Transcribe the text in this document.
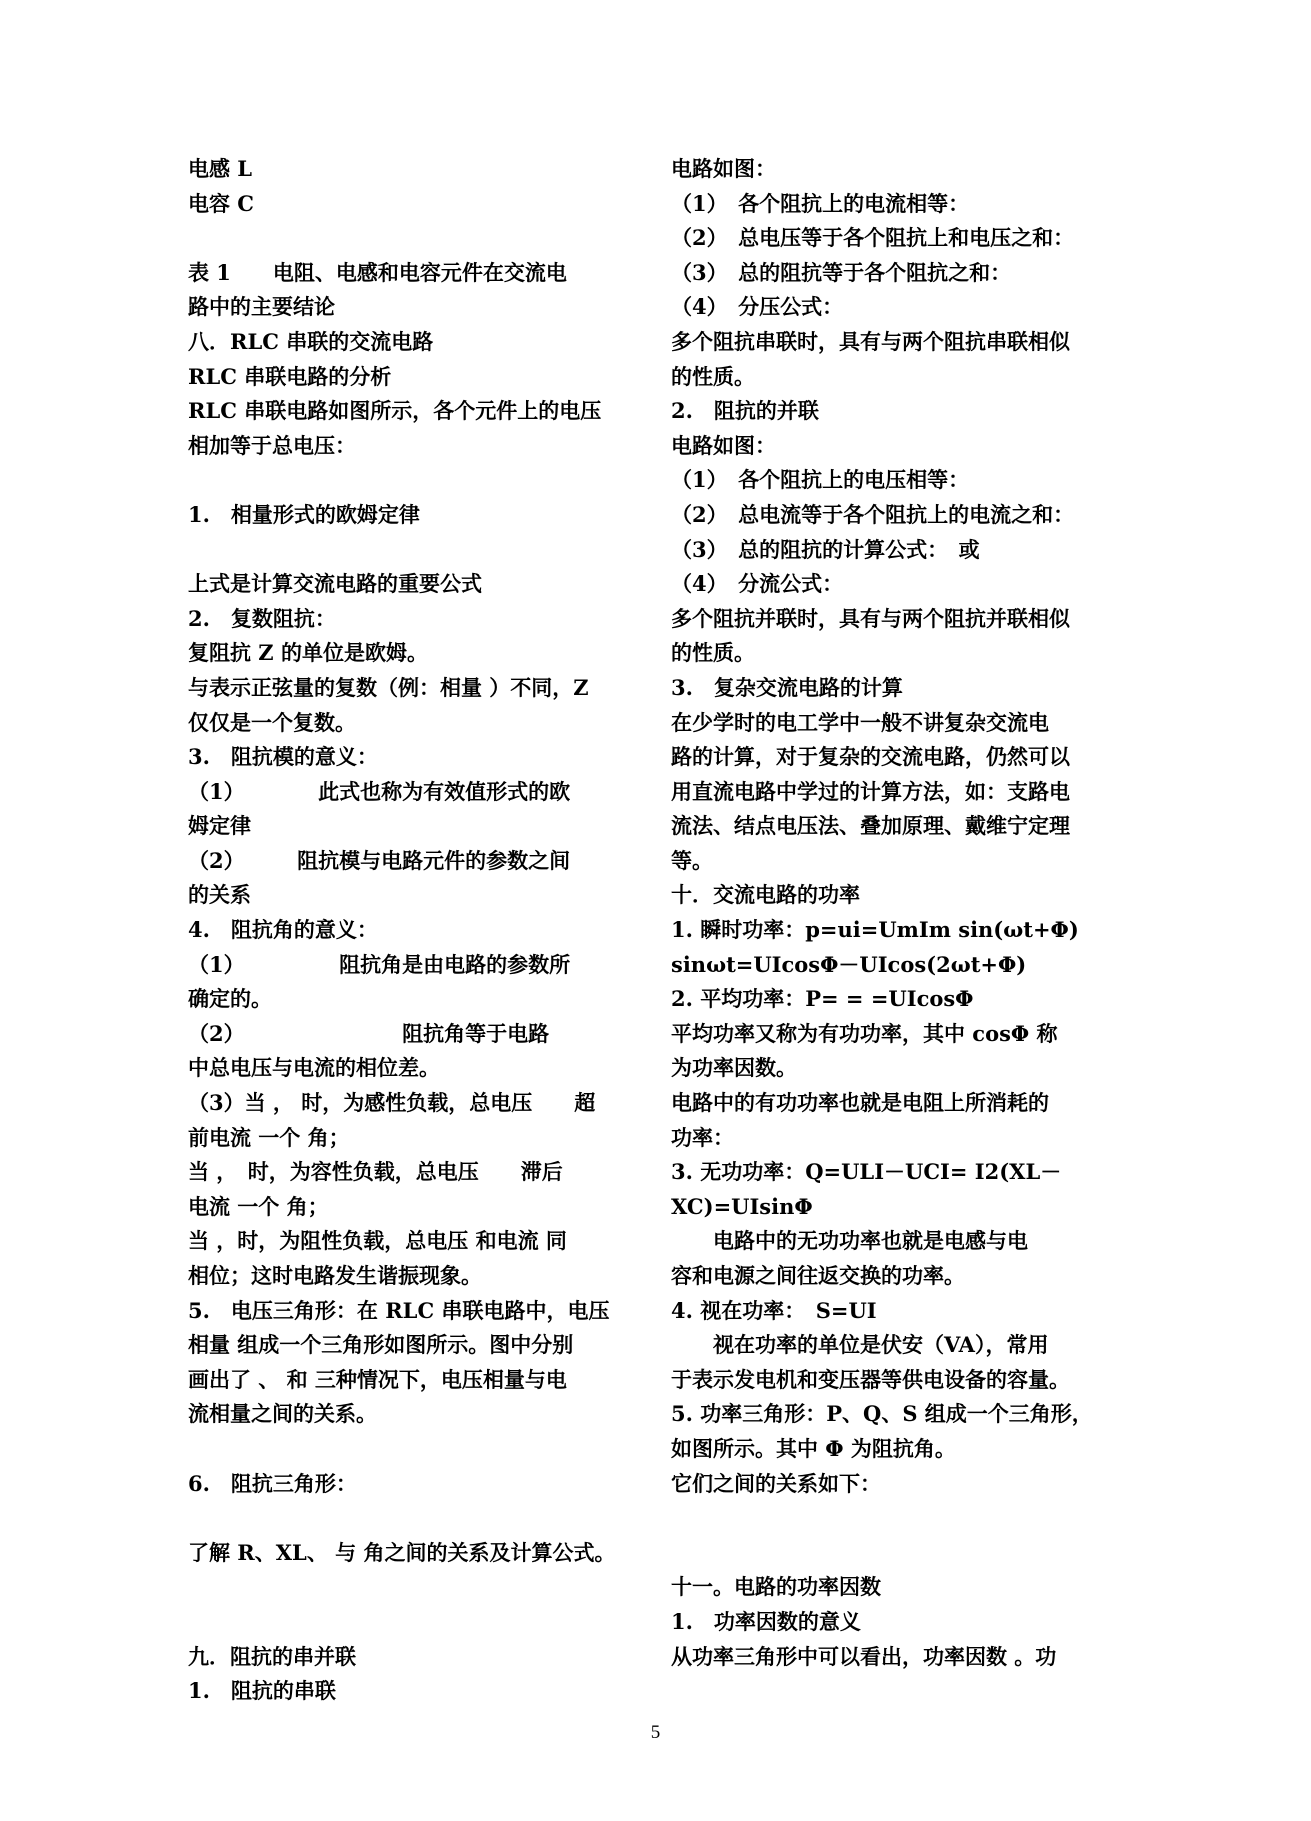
电感 L
电容 C
表 1　　电阻、电感和电容元件在交流电
路中的主要结论
八．RLC 串联的交流电路
RLC 串联电路的分析
RLC 串联电路如图所示，各个元件上的电压
相加等于总电压：
1.　相量形式的欧姆定律
上式是计算交流电路的重要公式
2.　复数阻抗：
复阻抗 Z 的单位是欧姆。
与表示正弦量的复数（例：相量 ）不同，Z
仅仅是一个复数。
3.　阻抗模的意义：
（1）　　　　此式也称为有效值形式的欧
姆定律
（2）　　　阻抗模与电路元件的参数之间
的关系
4.　阻抗角的意义：
（1）　　　　　阻抗角是由电路的参数所
确定的。
（2）　　　　　　　　阻抗角等于电路
中总电压与电流的相位差。
（3）当 ， 时，为感性负载，总电压　　超
前电流 一个 角；
当 ，　时，为容性负载，总电压　　滞后
电流 一个 角；
当 ，时，为阻性负载，总电压 和电流 同
相位；这时电路发生谐振现象。
5.　电压三角形：在 RLC 串联电路中，电压
相量 组成一个三角形如图所示。图中分别
画出了 、 和 三种情况下，电压相量与电
流相量之间的关系。
6.　阻抗三角形：
了解 R、XL、 与 角之间的关系及计算公式。
九．阻抗的串并联
1.　阻抗的串联
电路如图：
（1）　各个阻抗上的电流相等：
（2）　总电压等于各个阻抗上和电压之和：
（3）　总的阻抗等于各个阻抗之和：
（4）　分压公式：
多个阻抗串联时，具有与两个阻抗串联相似
的性质。
2.　阻抗的并联
电路如图：
（1）　各个阻抗上的电压相等：
（2）　总电流等于各个阻抗上的电流之和：
（3）　总的阻抗的计算公式：　或
（4）　分流公式：
多个阻抗并联时，具有与两个阻抗并联相似
的性质。
3.　复杂交流电路的计算
在少学时的电工学中一般不讲复杂交流电
路的计算，对于复杂的交流电路，仍然可以
用直流电路中学过的计算方法，如：支路电
流法、结点电压法、叠加原理、戴维宁定理
等。
十．交流电路的功率
1. 瞬时功率：p=ui=UmIm sin(ωt+Φ)
sinωt=UIcosΦ－UIcos(2ωt+Φ)
2. 平均功率：P= = =UIcosΦ
平均功率又称为有功功率，其中 cosΦ 称
为功率因数。
电路中的有功功率也就是电阻上所消耗的
功率：
3. 无功功率：Q=ULI－UCI= I2(XL－
XC)=UIsinΦ
　　电路中的无功功率也就是电感与电
容和电源之间往返交换的功率。
4. 视在功率：　S=UI
　　视在功率的单位是伏安（VA），常用
于表示发电机和变压器等供电设备的容量。
5. 功率三角形：P、Q、S 组成一个三角形，
如图所示。其中 Φ 为阻抗角。
它们之间的关系如下：
十一。电路的功率因数
1.　功率因数的意义
从功率三角形中可以看出，功率因数 。功
5
